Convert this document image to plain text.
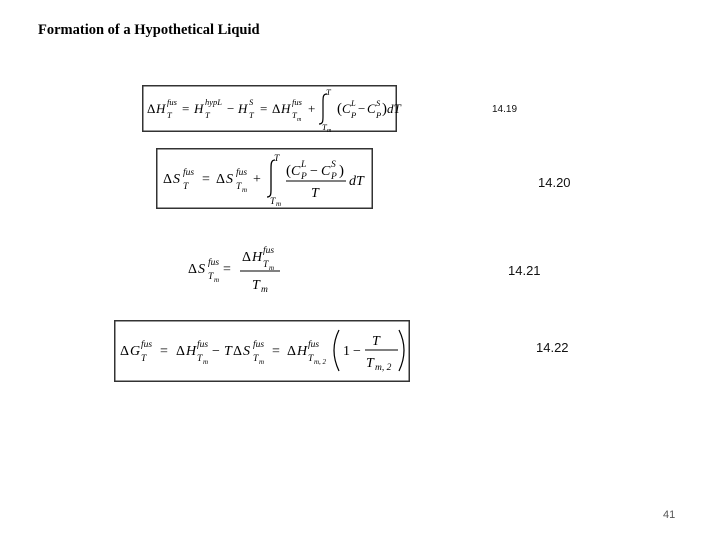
Formation of a Hypothetical Liquid
Δ H fus
T = H hypL
T − H S
T = Δ H fus
T m
+
T
T m
( C L
P − C S
P ) dT	14.19
Δ S fus
T = Δ S fus
T m
+
T
T m
( C L
P − C S
P )
T
dT	14.20
Δ S fus
T m
=
Δ H fus
T m
T m
14.21
Δ G fus
T = Δ H fus
T m
− T Δ S fus
T m
= Δ H fus
T m, 2
1 −
T
T m, 2
14.22
41
